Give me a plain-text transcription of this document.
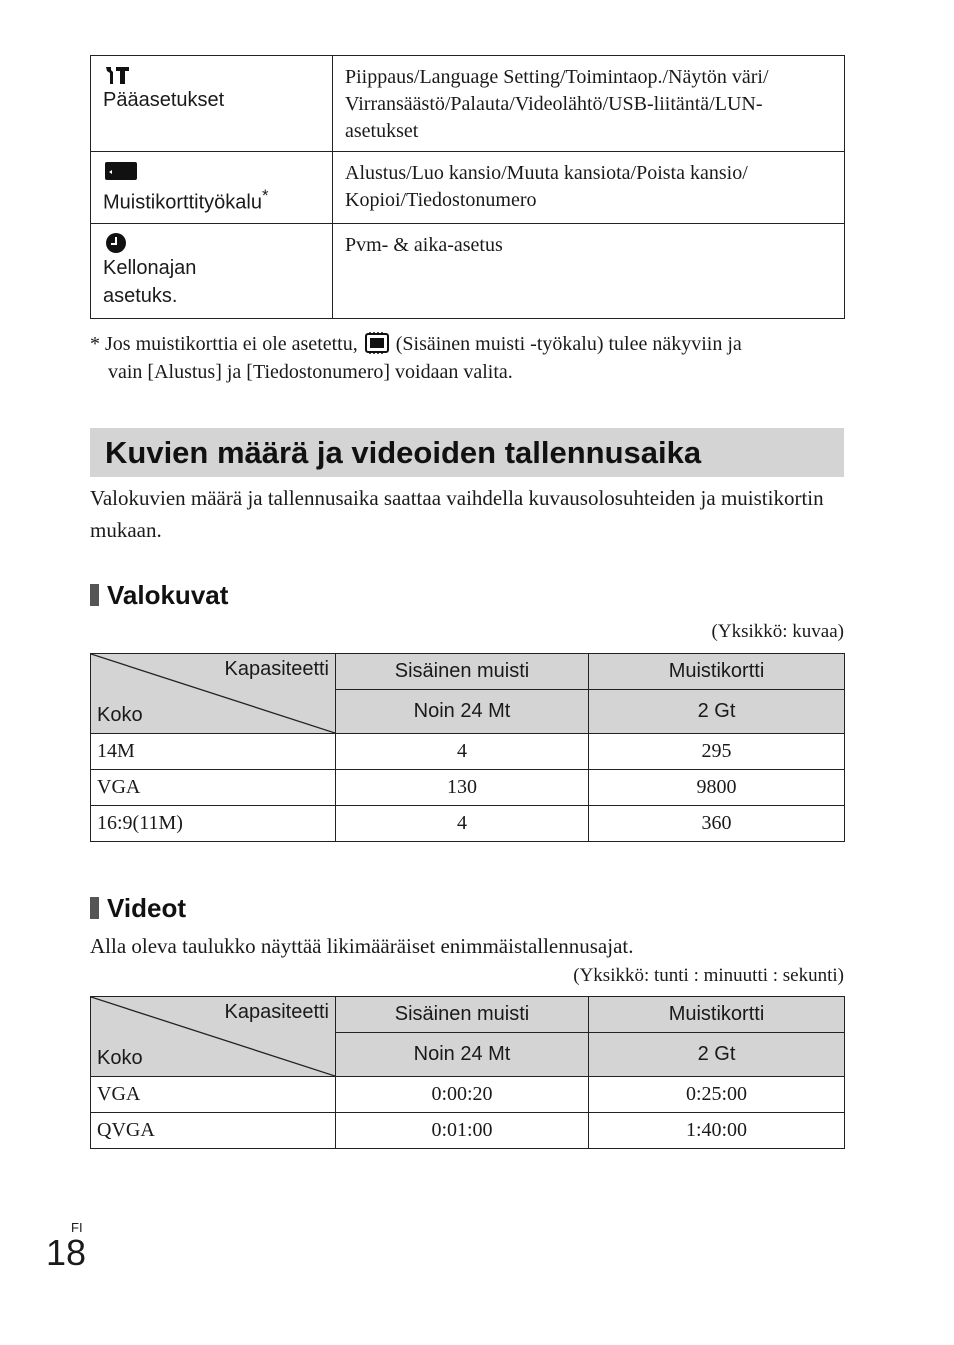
Pääasetukset	Piippaus/Language Setting/Toimintaop./Näytön väri/
Virransäästö/Palauta/Videolähtö/USB-liitäntä/LUN-
asetukset

Muistikorttityökalu*	Alustus/Luo kansio/Muuta kansiota/Poista kansio/
Kopioi/Tiedostonumero

Kellonajan asetuks.	Pvm- & aika-asetus
* Jos muistikorttia ei ole asetettu, (Sisäinen muisti -työkalu) tulee näkyviin ja
vain [Alustus] ja [Tiedostonumero] voidaan valita.
Kuvien määrä ja videoiden tallennusaika

Valokuvien määrä ja tallennusaika saattaa vaihdella kuvausolosuhteiden ja muistikortin mukaan.

Valokuvat
(Yksikkö: kuvaa)
Kapasiteetti
Koko	Sisäinen muisti	Muistikortti
	Noin 24 Mt	2 Gt
14M	4	295
VGA	130	9800
16:9(11M)	4	360
Videot
Alla oleva taulukko näyttää likimääräiset enimmäistallennusajat.
(Yksikkö: tunti : minuutti : sekunti)
Kapasiteetti
Koko	Sisäinen muisti	Muistikortti
	Noin 24 Mt	2 Gt
VGA	0:00:20	0:25:00
QVGA	0:01:00	1:40:00
FI
18
